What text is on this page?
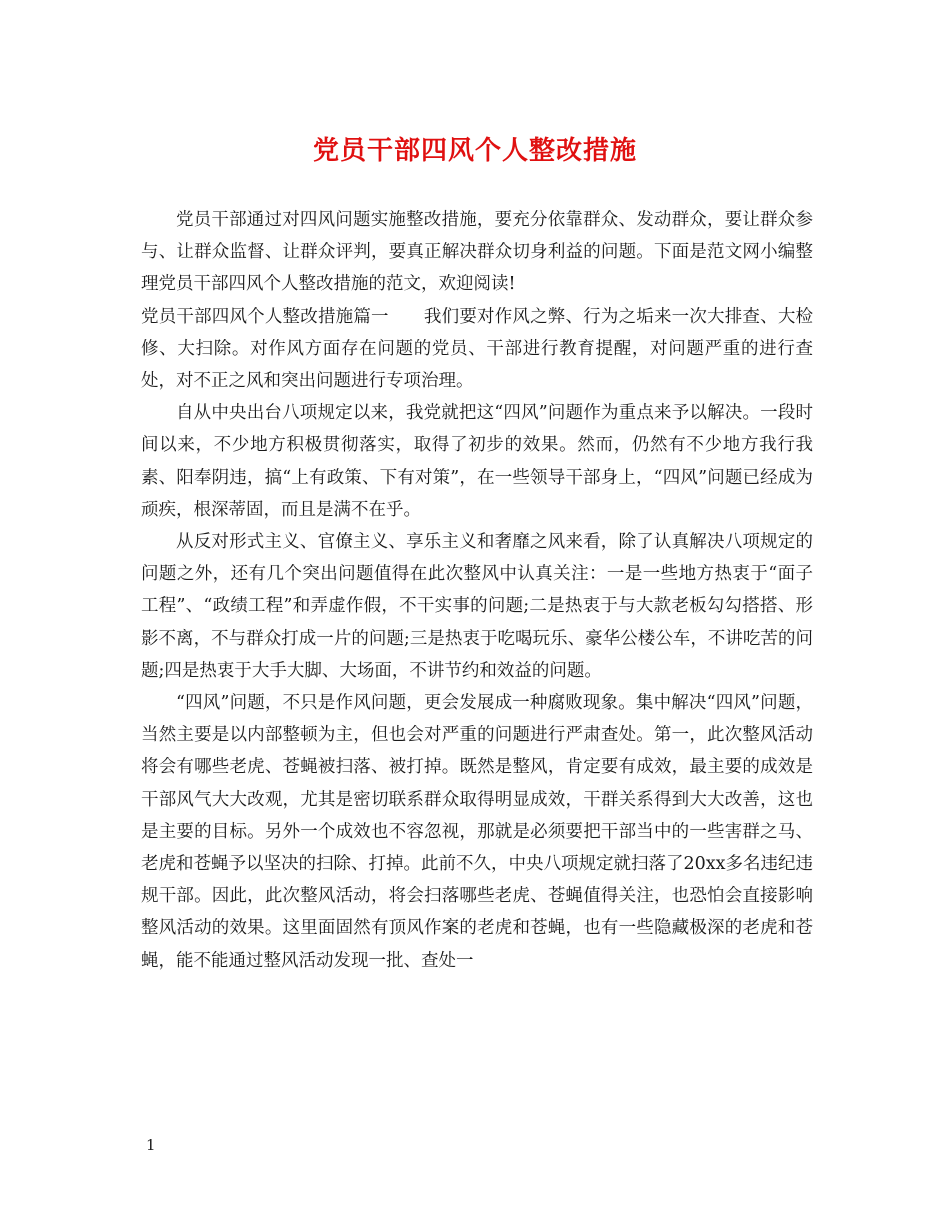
党员干部四风个人整改措施

党员干部通过对四风问题实施整改措施，要充分依靠群众、发动群众，要让群众参与、让群众监督、让群众评判，要真正解决群众切身利益的问题。下面是范文网小编整理党员干部四风个人整改措施的范文，欢迎阅读!

党员干部四风个人整改措施篇一 我们要对作风之弊、行为之垢来一次大排查、大检修、大扫除。对作风方面存在问题的党员、干部进行教育提醒，对问题严重的进行查处，对不正之风和突出问题进行专项治理。

自从中央出台八项规定以来，我党就把这“四风”问题作为重点来予以解决。一段时间以来，不少地方积极贯彻落实，取得了初步的效果。然而，仍然有不少地方我行我素、阳奉阴违，搞“上有政策、下有对策”，在一些领导干部身上，“四风”问题已经成为顽疾，根深蒂固，而且是满不在乎。

从反对形式主义、官僚主义、享乐主义和奢靡之风来看，除了认真解决八项规定的问题之外，还有几个突出问题值得在此次整风中认真关注：一是一些地方热衷于“面子工程”、“政绩工程”和弄虚作假，不干实事的问题;二是热衷于与大款老板勾勾搭搭、形影不离，不与群众打成一片的问题;三是热衷于吃喝玩乐、豪华公楼公车，不讲吃苦的问题;四是热衷于大手大脚、大场面，不讲节约和效益的问题。

“四风”问题，不只是作风问题，更会发展成一种腐败现象。集中解决“四风”问题，当然主要是以内部整顿为主，但也会对严重的问题进行严肃查处。第一，此次整风活动将会有哪些老虎、苍蝇被扫落、被打掉。既然是整风，肯定要有成效，最主要的成效是干部风气大大改观，尤其是密切联系群众取得明显成效，干群关系得到大大改善，这也是主要的目标。另外一个成效也不容忽视，那就是必须要把干部当中的一些害群之马、老虎和苍蝇予以坚决的扫除、打掉。此前不久，中央八项规定就扫落了20xx多名违纪违规干部。因此，此次整风活动，将会扫落哪些老虎、苍蝇值得关注，也恐怕会直接影响整风活动的效果。这里面固然有顶风作案的老虎和苍蝇，也有一些隐藏极深的老虎和苍蝇，能不能通过整风活动发现一批、查处一

1
